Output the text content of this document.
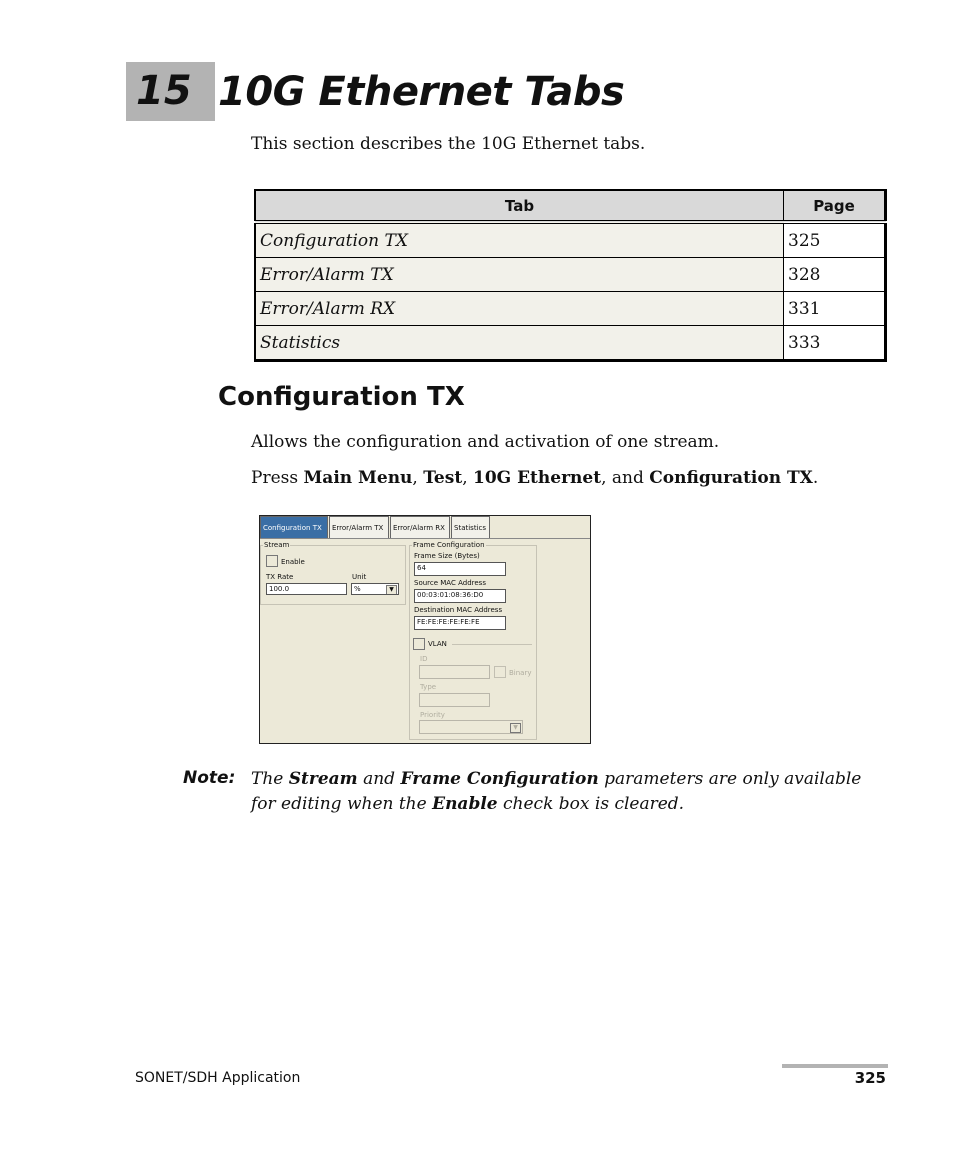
15 10G Ethernet Tabs
This section describes the 10G Ethernet tabs.
Tab	Page
Configuration TX	325
Error/Alarm TX	328
Error/Alarm RX	331
Statistics	333
Configuration TX
Allows the configuration and activation of one stream.
Press Main Menu, Test, 10G Ethernet, and Configuration TX.
Configuration TX	Error/Alarm TX	Error/Alarm RX	Statistics
Stream
Enable
TX Rate
100.0
Unit
%	▼
Frame Configuration
Frame Size (Bytes)
64
Source MAC Address
00:03:01:08:36:D0
Destination MAC Address
FE:FE:FE:FE:FE:FE
VLAN
ID
Binary
Type
Priority
▼
Note: The Stream and Frame Configuration parameters are only available for editing when the Enable check box is cleared.
SONET/SDH Application	325
